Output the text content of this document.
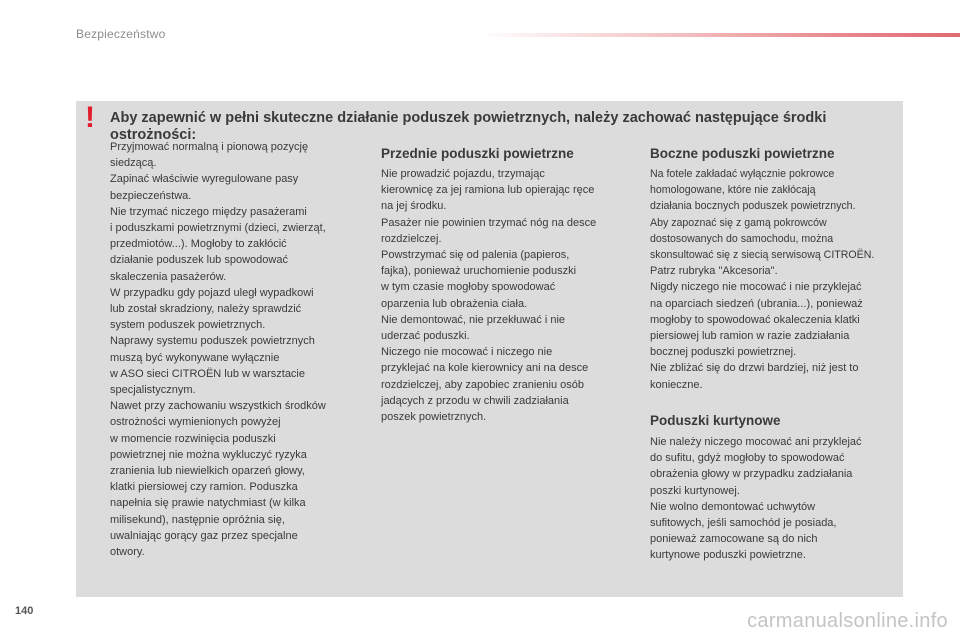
Bezpieczeństwo
! Aby zapewnić w pełni skuteczne działanie poduszek powietrznych, należy zachować następujące środki ostrożności:

Przyjmować normalną i pionową pozycję
siedzącą.
Zapinać właściwie wyregulowane pasy
bezpieczeństwa.
Nie trzymać niczego między pasażerami
i poduszkami powietrznymi (dzieci, zwierząt,
przedmiotów...). Mogłoby to zakłócić
działanie poduszek lub spowodować
skaleczenia pasażerów.
W przypadku gdy pojazd uległ wypadkowi
lub został skradziony, należy sprawdzić
system poduszek powietrznych.
Naprawy systemu poduszek powietrznych
muszą być wykonywane wyłącznie
w ASO sieci CITROËN lub w warsztacie
specjalistycznym.
Nawet przy zachowaniu wszystkich środków
ostrożności wymienionych powyżej
w momencie rozwinięcia poduszki
powietrznej nie można wykluczyć ryzyka
zranienia lub niewielkich oparzeń głowy,
klatki piersiowej czy ramion. Poduszka
napełnia się prawie natychmiast (w kilka
milisekund), następnie opróżnia się,
uwalniając gorący gaz przez specjalne
otwory.

Przednie poduszki powietrzne

Nie prowadzić pojazdu, trzymając
kierownicę za jej ramiona lub opierając ręce
na jej środku.
Pasażer nie powinien trzymać nóg na desce
rozdzielczej.
Powstrzymać się od palenia (papieros,
fajka), ponieważ uruchomienie poduszki
w tym czasie mogłoby spowodować
oparzenia lub obrażenia ciała.
Nie demontować, nie przekłuwać i nie
uderzać poduszki.
Niczego nie mocować i niczego nie
przyklejać na kole kierownicy ani na desce
rozdzielczej, aby zapobiec zranieniu osób
jadących z przodu w chwili zadziałania
poszek powietrznych.

Boczne poduszki powietrzne

Na fotele zakładać wyłącznie pokrowce
homologowane, które nie zakłócają
działania bocznych poduszek powietrznych.
Aby zapoznać się z gamą pokrowców
dostosowanych do samochodu, można
skonsultować się z siecią serwisową CITROËN.

Patrz rubryka "Akcesoria".
Nigdy niczego nie mocować i nie przyklejać
na oparciach siedzeń (ubrania...), ponieważ
mogłoby to spowodować okaleczenia klatki
piersiowej lub ramion w razie zadziałania
bocznej poduszki powietrznej.
Nie zbliżać się do drzwi bardziej, niż jest to
konieczne.

Poduszki kurtynowe

Nie należy niczego mocować ani przyklejać
do sufitu, gdyż mogłoby to spowodować
obrażenia głowy w przypadku zadziałania
poszki kurtynowej.
Nie wolno demontować uchwytów
sufitowych, jeśli samochód je posiada,
ponieważ zamocowane są do nich
kurtynowe poduszki powietrzne.

140	carmanualsonline.info
